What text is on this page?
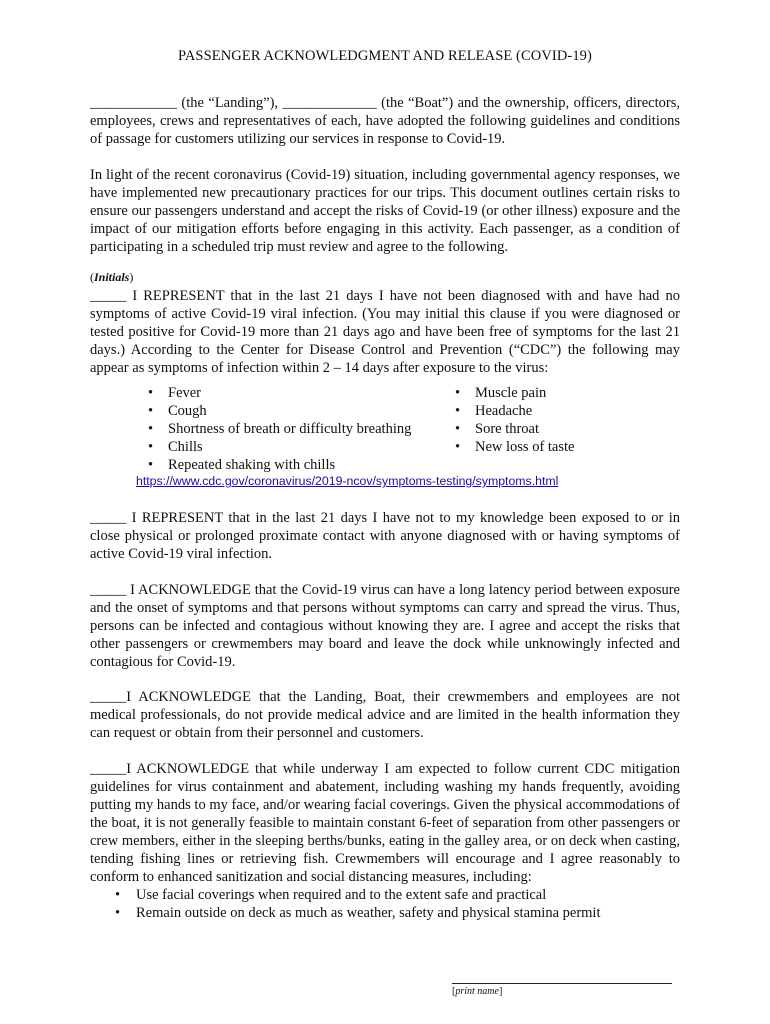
PASSENGER ACKNOWLEDGMENT AND RELEASE (COVID-19)

____________ (the “Landing”), _____________ (the “Boat”) and the ownership, officers, directors, employees, crews and representatives of each, have adopted the following guidelines and conditions of passage for customers utilizing our services in response to Covid-19.

In light of the recent coronavirus (Covid-19) situation, including governmental agency responses, we have implemented new precautionary practices for our trips. This document outlines certain risks to ensure our passengers understand and accept the risks of Covid-19 (or other illness) exposure and the impact of our mitigation efforts before engaging in this activity. Each passenger, as a condition of participating in a scheduled trip must review and agree to the following.

(Initials)

_____ I REPRESENT that in the last 21 days I have not been diagnosed with and have had no symptoms of active Covid-19 viral infection. (You may initial this clause if you were diagnosed or tested positive for Covid-19 more than 21 days ago and have been free of symptoms for the last 21 days.) According to the Center for Disease Control and Prevention (“CDC”) the following may appear as symptoms of infection within 2 – 14 days after exposure to the virus:

• Fever
• Cough
• Shortness of breath or difficulty breathing
• Chills
• Repeated shaking with chills
• Muscle pain
• Headache
• Sore throat
• New loss of taste
https://www.cdc.gov/coronavirus/2019-ncov/symptoms-testing/symptoms.html

_____ I REPRESENT that in the last 21 days I have not to my knowledge been exposed to or in close physical or prolonged proximate contact with anyone diagnosed with or having symptoms of active Covid-19 viral infection.

_____ I ACKNOWLEDGE that the Covid-19 virus can have a long latency period between exposure and the onset of symptoms and that persons without symptoms can carry and spread the virus. Thus, persons can be infected and contagious without knowing they are. I agree and accept the risks that other passengers or crewmembers may board and leave the dock while unknowingly infected and contagious for Covid-19.

_____I ACKNOWLEDGE that the Landing, Boat, their crewmembers and employees are not medical professionals, do not provide medical advice and are limited in the health information they can request or obtain from their personnel and customers.

_____I ACKNOWLEDGE that while underway I am expected to follow current CDC mitigation guidelines for virus containment and abatement, including washing my hands frequently, avoiding putting my hands to my face, and/or wearing facial coverings. Given the physical accommodations of the boat, it is not generally feasible to maintain constant 6-feet of separation from other passengers or crew members, either in the sleeping berths/bunks, eating in the galley area, or on deck when casting, tending fishing lines or retrieving fish. Crewmembers will encourage and I agree reasonably to conform to enhanced sanitization and social distancing measures, including:

• Use facial coverings when required and to the extent safe and practical
• Remain outside on deck as much as weather, safety and physical stamina permit
[print name]
